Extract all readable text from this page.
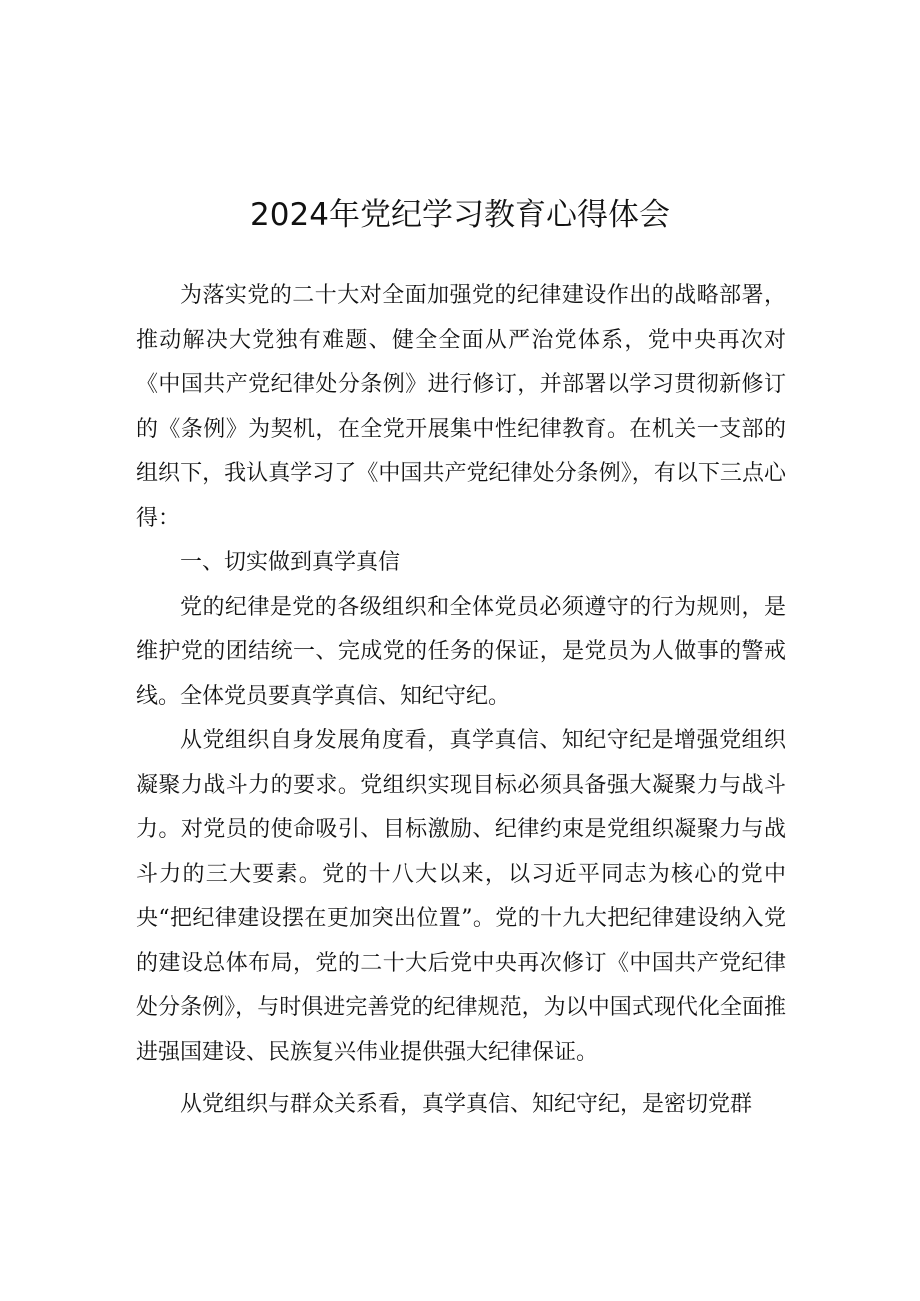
2024年党纪学习教育心得体会

为落实党的二十大对全面加强党的纪律建设作出的战略部署，推动解决大党独有难题、健全全面从严治党体系，党中央再次对《中国共产党纪律处分条例》进行修订，并部署以学习贯彻新修订的《条例》为契机，在全党开展集中性纪律教育。在机关一支部的组织下，我认真学习了《中国共产党纪律处分条例》，有以下三点心得：

一、切实做到真学真信

党的纪律是党的各级组织和全体党员必须遵守的行为规则，是维护党的团结统一、完成党的任务的保证，是党员为人做事的警戒线。全体党员要真学真信、知纪守纪。

从党组织自身发展角度看，真学真信、知纪守纪是增强党组织凝聚力战斗力的要求。党组织实现目标必须具备强大凝聚力与战斗力。对党员的使命吸引、目标激励、纪律约束是党组织凝聚力与战斗力的三大要素。党的十八大以来，以习近平同志为核心的党中央“把纪律建设摆在更加突出位置”。党的十九大把纪律建设纳入党的建设总体布局，党的二十大后党中央再次修订《中国共产党纪律处分条例》，与时俱进完善党的纪律规范，为以中国式现代化全面推进强国建设、民族复兴伟业提供强大纪律保证。

从党组织与群众关系看，真学真信、知纪守纪，是密切党群
